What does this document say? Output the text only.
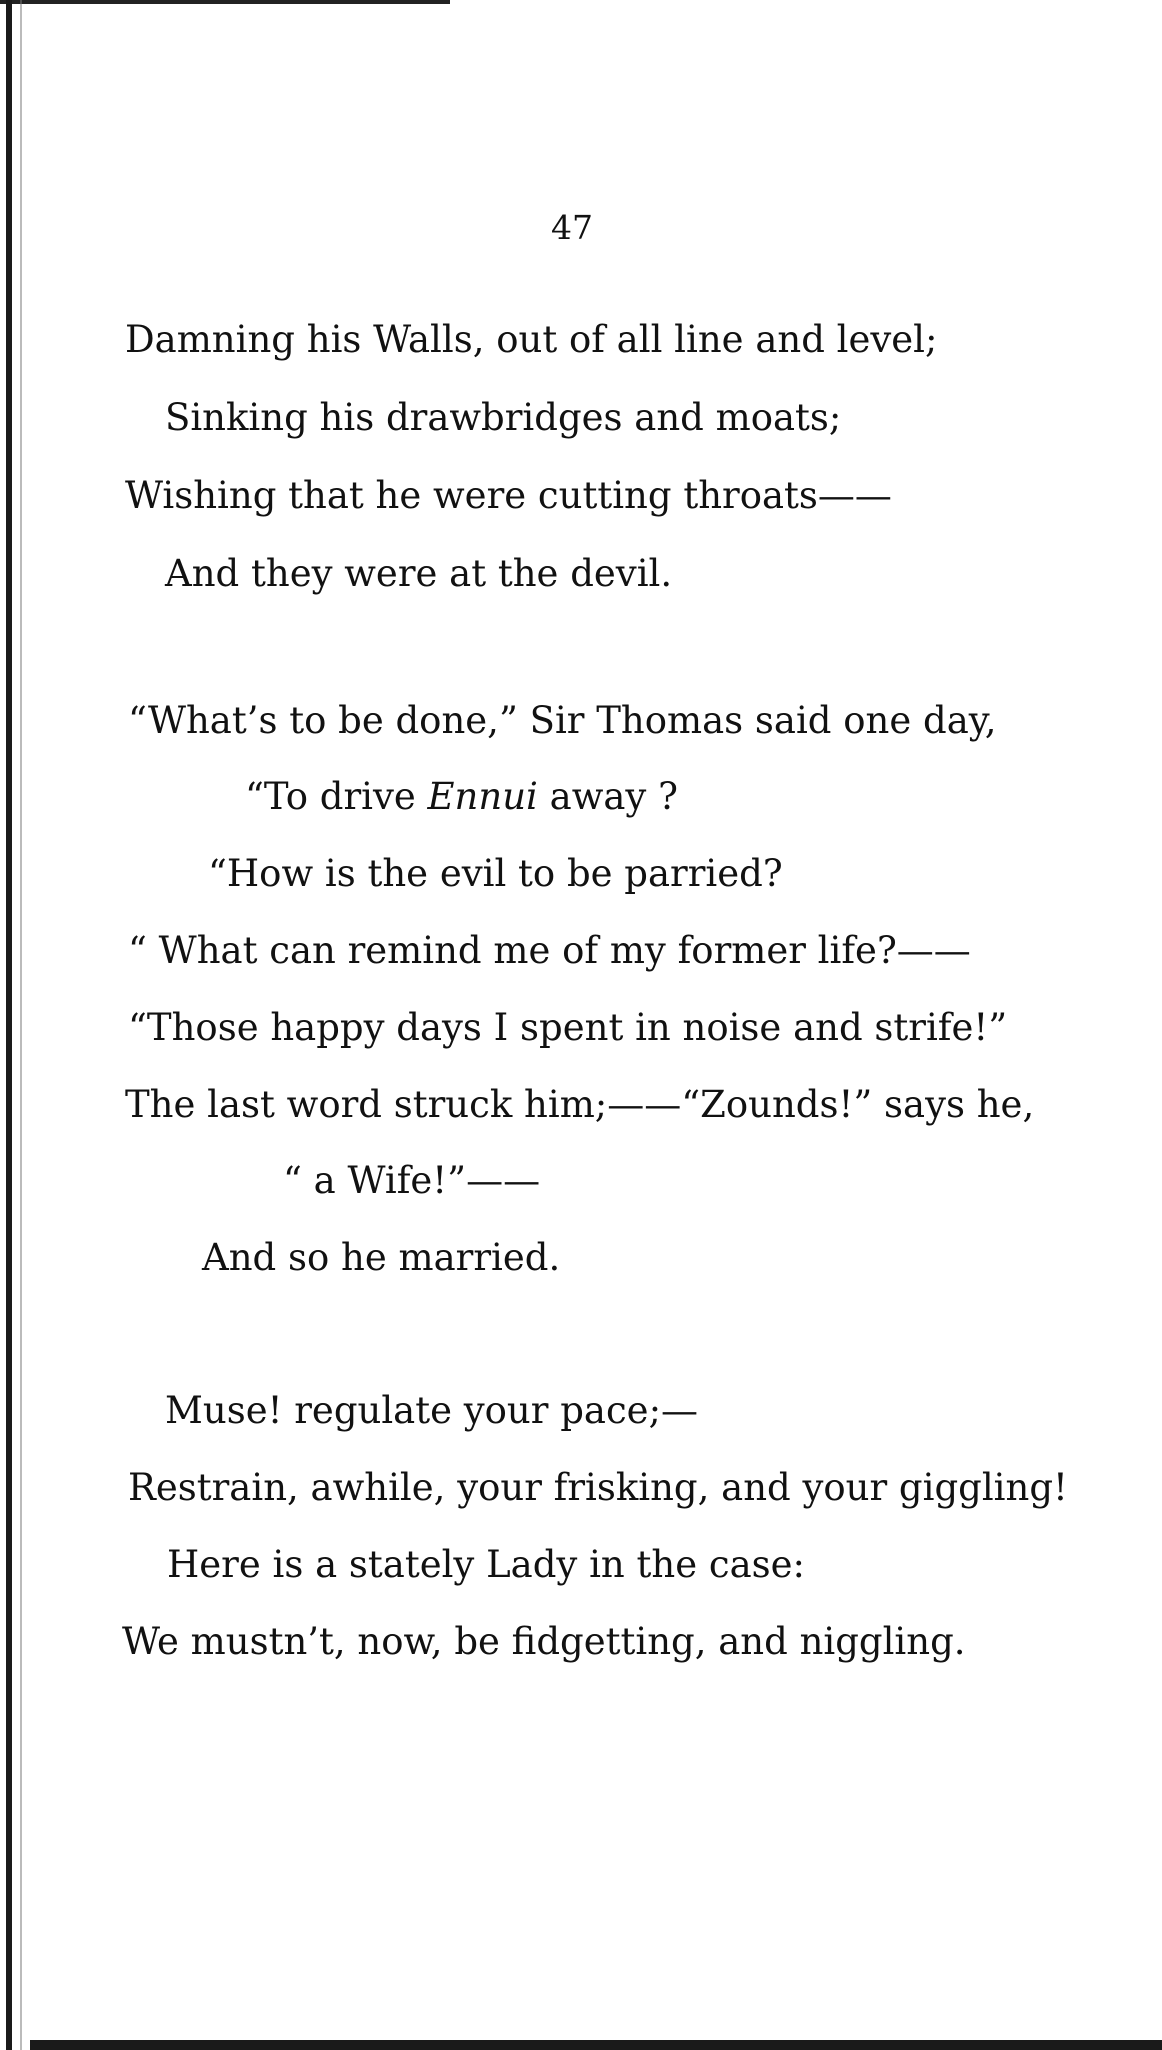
47
Damning his Walls, out of all line and level;
Sinking his drawbridges and moats;
Wishing that he were cutting throats——
And they were at the devil.
“What’s to be done,” Sir Thomas said one day,
“To drive Ennui away ?
“How is the evil to be parried?
“ What can remind me of my former life?——
“Those happy days I spent in noise and strife!”
The last word struck him;——“Zounds!” says he,
“ a Wife!”——
And so he married.
Muse! regulate your pace;—
Restrain, awhile, your frisking, and your giggling!
Here is a stately Lady in the case:
We mustn’t, now, be fidgetting, and niggling.
